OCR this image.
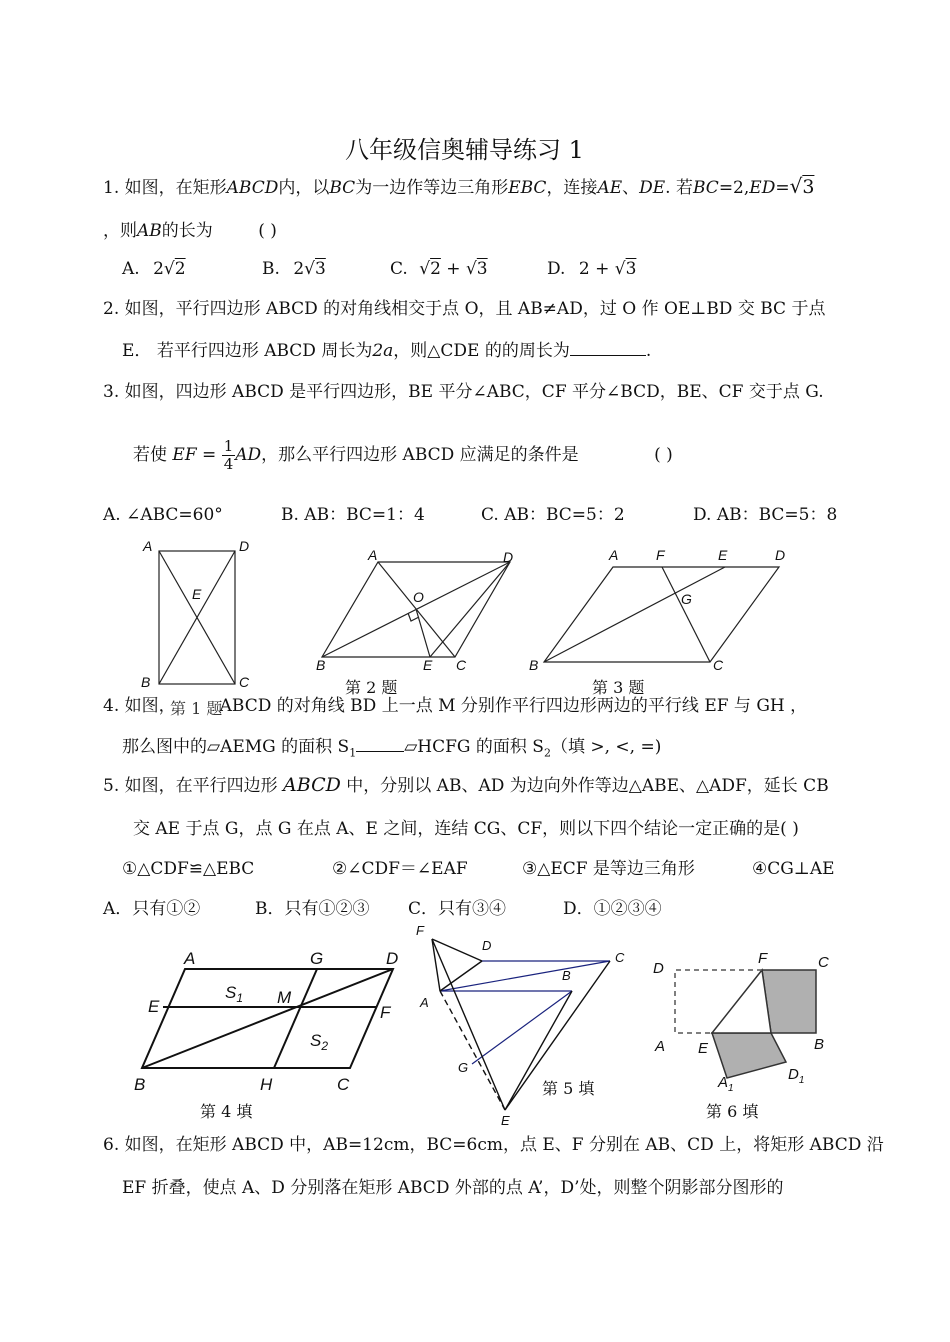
八年级信奥辅导练习 1
1. 如图，在矩形ABCD内，以BC为一边作等边三角形EBC，连接AE、DE. 若BC=2,ED=√3
，则AB的长为	( )
A. 2√2	B. 2√3	C. √2 + √3	D. 2 + √3
2. 如图，平行四边形 ABCD 的对角线相交于点 O，且 AB≠AD，过 O 作 OE⊥BD 交 BC 于点
E． 若平行四边形 ABCD 周长为2a，则△CDE 的的周长为	.
3. 如图，四边形 ABCD 是平行四边形，BE 平分∠ABC，CF 平分∠BCD，BE、CF 交于点 G.
若使 EF = $\frac{1}{4}$ AD，那么平行四边形 ABCD 应满足的条件是	( )
A. ∠ABC=60°	B. AB：BC=1：4	C. AB：BC=5：2	D. AB：BC=5：8
A	D
E
B	C
第 1 题
A	D
O
B	E C
第 2 题
A	F	E	D
G
B	C
第 3 题
4. 如图，	ABCD 的对角线 BD 上一点 M 分别作平行四边形两边的平行线 EF 与 GH ，
那么图中的▱AEMG 的面积 $S_1$	▱HCFG 的面积 $S_2$（填 >, <, =)
5. 如图，在平行四边形 ABCD 中，分别以 AB、AD 为边向外作等边△ABE、△ADF，延长 CB
交 AE 于点 G，点 G 在点 A、E 之间，连结 CG、CF，则以下四个结论一定正确的是( )
①△CDF≌△EBC	②∠CDF＝∠EAF	③△ECF 是等边三角形	④CG⊥AE
A．只有①②	B．只有①②③ C．只有③④	D．①②③④
A	G	D
E	M
F
B	H	C
$S_1$
$S_2$
第 4 填
F
D
C
B
A
G
E
第 5 填
D
F	C
A E	B
$A_1$
$D_1$
第 6 填
6. 如图，在矩形 ABCD 中，AB=12cm，BC=6cm，点 E、F 分别在 AB、CD 上，将矩形 ABCD 沿
EF 折叠，使点 A、D 分别落在矩形 ABCD 外部的点 A’，D’处，则整个阴影部分图形的
